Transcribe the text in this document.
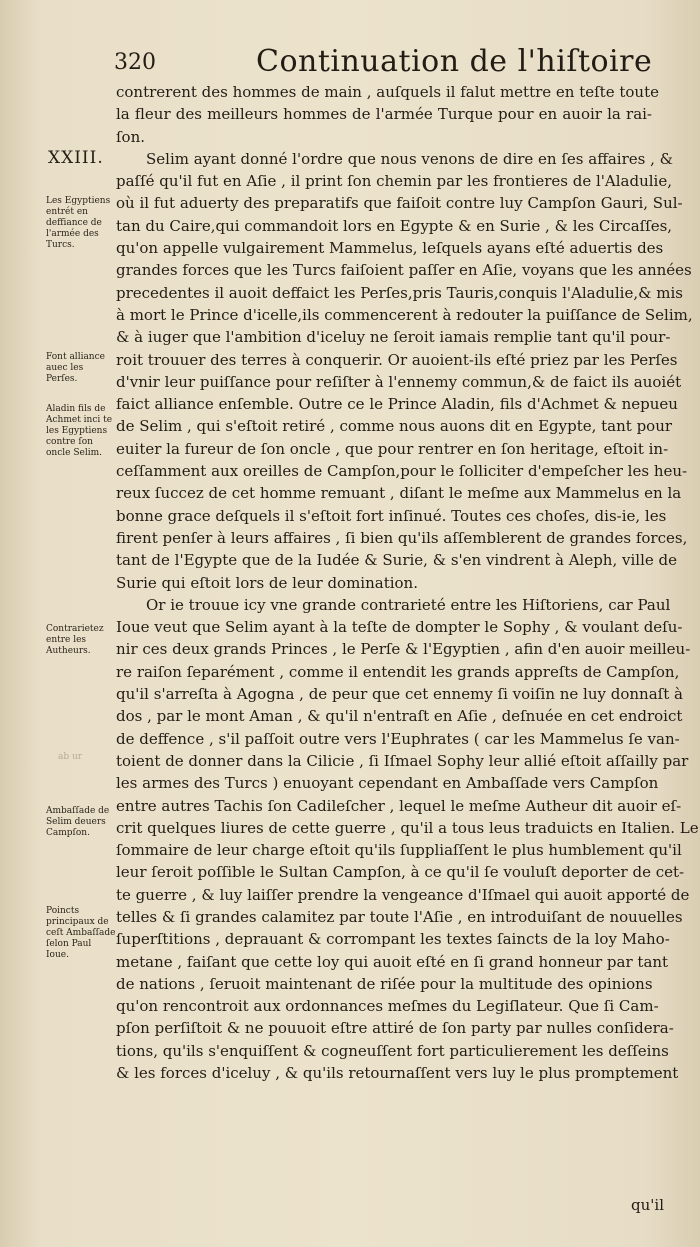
320	Continuation de l'hiſtoire
XXIII.
contrerent des hommes de main , auſquels il falut mettre en teſte toute
la fleur des meilleurs hommes de l'armée Turque pour en auoir la rai-
ſon.
Selim ayant donné l'ordre que nous venons de dire en ſes affaires , &
paſſé qu'il fut en Aſie , il print ſon chemin par les frontieres de l'Aladulie,
où il fut aduerty des preparatifs que faiſoit contre luy Campſon Gauri, Sul-
tan du Caire,qui commandoit lors en Egypte & en Surie , & les Circaſſes,
qu'on appelle vulgairement Mammelus, leſquels ayans eſté aduertis des
grandes forces que les Turcs faiſoient paſſer en Aſie, voyans que les années
precedentes il auoit deffaict les Perſes,pris Tauris,conquis l'Aladulie,& mis
à mort le Prince d'icelle,ils commencerent à redouter la puiſſance de Selim,
& à iuger que l'ambition d'iceluy ne ſeroit iamais remplie tant qu'il pour-
roit trouuer des terres à conquerir. Or auoient-ils eſté priez par les Perſes
d'vnir leur puiſſance pour reſiſter à l'ennemy commun,& de faict ils auoiét
faict alliance enſemble. Outre ce le Prince Aladin, fils d'Achmet & nepueu
de Selim , qui s'eſtoit retiré , comme nous auons dit en Egypte, tant pour
euiter la fureur de ſon oncle , que pour rentrer en ſon heritage, eſtoit in-
ceſſamment aux oreilles de Campſon,pour le ſolliciter d'empeſcher les heu-
reux ſuccez de cet homme remuant , diſant le meſme aux Mammelus en la
bonne grace deſquels il s'eſtoit fort inſinué. Toutes ces choſes, dis-ie, les
firent penſer à leurs affaires , ſi bien qu'ils aſſemblerent de grandes forces,
tant de l'Egypte que de la Iudée & Surie, & s'en vindrent à Aleph, ville de
Surie qui eſtoit lors de leur domination.
Or ie trouue icy vne grande contrarieté entre les Hiſtoriens, car Paul
Ioue veut que Selim ayant à la teſte de dompter le Sophy , & voulant deſu-
nir ces deux grands Princes , le Perſe & l'Egyptien , afin d'en auoir meilleu-
re raiſon ſeparément , comme il entendit les grands appreſts de Campſon,
qu'il s'arreſta à Agogna , de peur que cet ennemy ſi voiſin ne luy donnaſt à
dos , par le mont Aman , & qu'il n'entraſt en Aſie , deſnuée en cet endroict
de deffence , s'il paſſoit outre vers l'Euphrates ( car les Mammelus ſe van-
toient de donner dans la Cilicie , ſi Iſmael Sophy leur allié eſtoit aſſailly par
les armes des Turcs ) enuoyant cependant en Ambaſſade vers Campſon
entre autres Tachis ſon Cadileſcher , lequel le meſme Autheur dit auoir eſ-
crit quelques liures de cette guerre , qu'il a tous leus traduicts en Italien. Le
ſommaire de leur charge eſtoit qu'ils ſuppliaſſent le plus humblement qu'il
leur ſeroit poſſible le Sultan Campſon, à ce qu'il ſe vouluſt deporter de cet-
te guerre , & luy laiſſer prendre la vengeance d'Iſmael qui auoit apporté de
telles & ſi grandes calamitez par toute l'Aſie , en introduiſant de nouuelles
ſuperſtitions , deprauant & corrompant les textes ſaincts de la loy Maho-
metane , faiſant que cette loy qui auoit eſté en ſi grand honneur par tant
de nations , ſeruoit maintenant de riſée pour la multitude des opinions
qu'on rencontroit aux ordonnances meſmes du Legiſlateur. Que ſi Cam-
pſon perſiſtoit & ne pouuoit eſtre attiré de ſon party par nulles conſidera-
tions, qu'ils s'enquiſſent & cogneuſſent fort particulierement les deſſeins
& les forces d'iceluy , & qu'ils retournaſſent vers luy le plus promptement
Les Egyptiens entrét en deffiance de l'armée des Turcs.
Font alliance auec les Perſes.
Aladin fils de Achmet inci te les Egyptiens contre ſon oncle Selim.
Contrarietez entre les Autheurs.
Ambaſſade de Selim deuers Campſon.
Poincts principaux de ceſt Ambaſſade ſelon Paul Ioue.
ab ur
qu'il
